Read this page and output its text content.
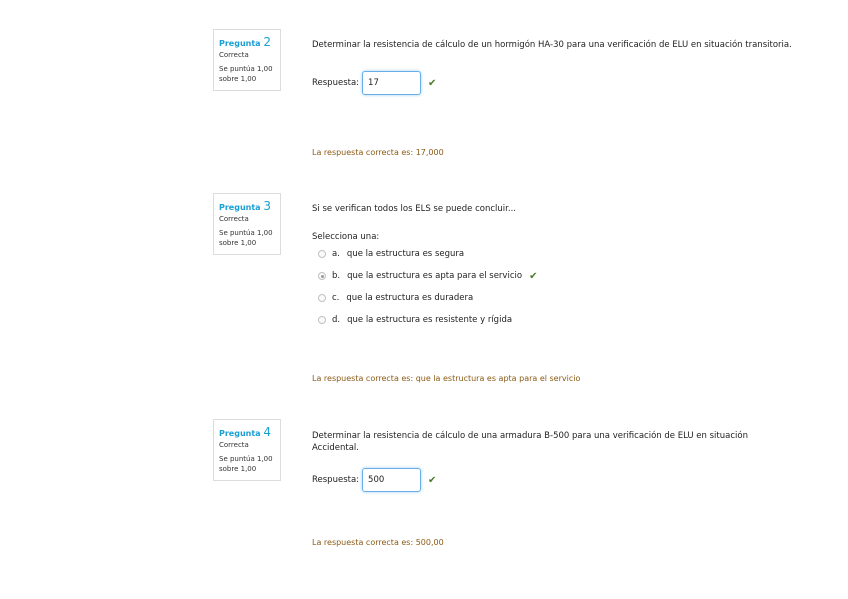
Pregunta 2
Correcta
Se puntúa 1,00
sobre 1,00
Determinar la resistencia de cálculo de un hormigón HA-30 para una verificación de ELU en situación transitoria.
Respuesta:	17	✔
La respuesta correcta es: 17,000
Pregunta 3
Correcta
Se puntúa 1,00
sobre 1,00
Si se verifican todos los ELS se puede concluir...
Selecciona una:
a. que la estructura es segura
b. que la estructura es apta para el servicio ✔
c. que la estructura es duradera
d. que la estructura es resistente y rígida
La respuesta correcta es: que la estructura es apta para el servicio
Pregunta 4
Correcta
Se puntúa 1,00
sobre 1,00
Determinar la resistencia de cálculo de una armadura B-500 para una verificación de ELU en situación Accidental.
Respuesta:	500	✔
La respuesta correcta es: 500,00
